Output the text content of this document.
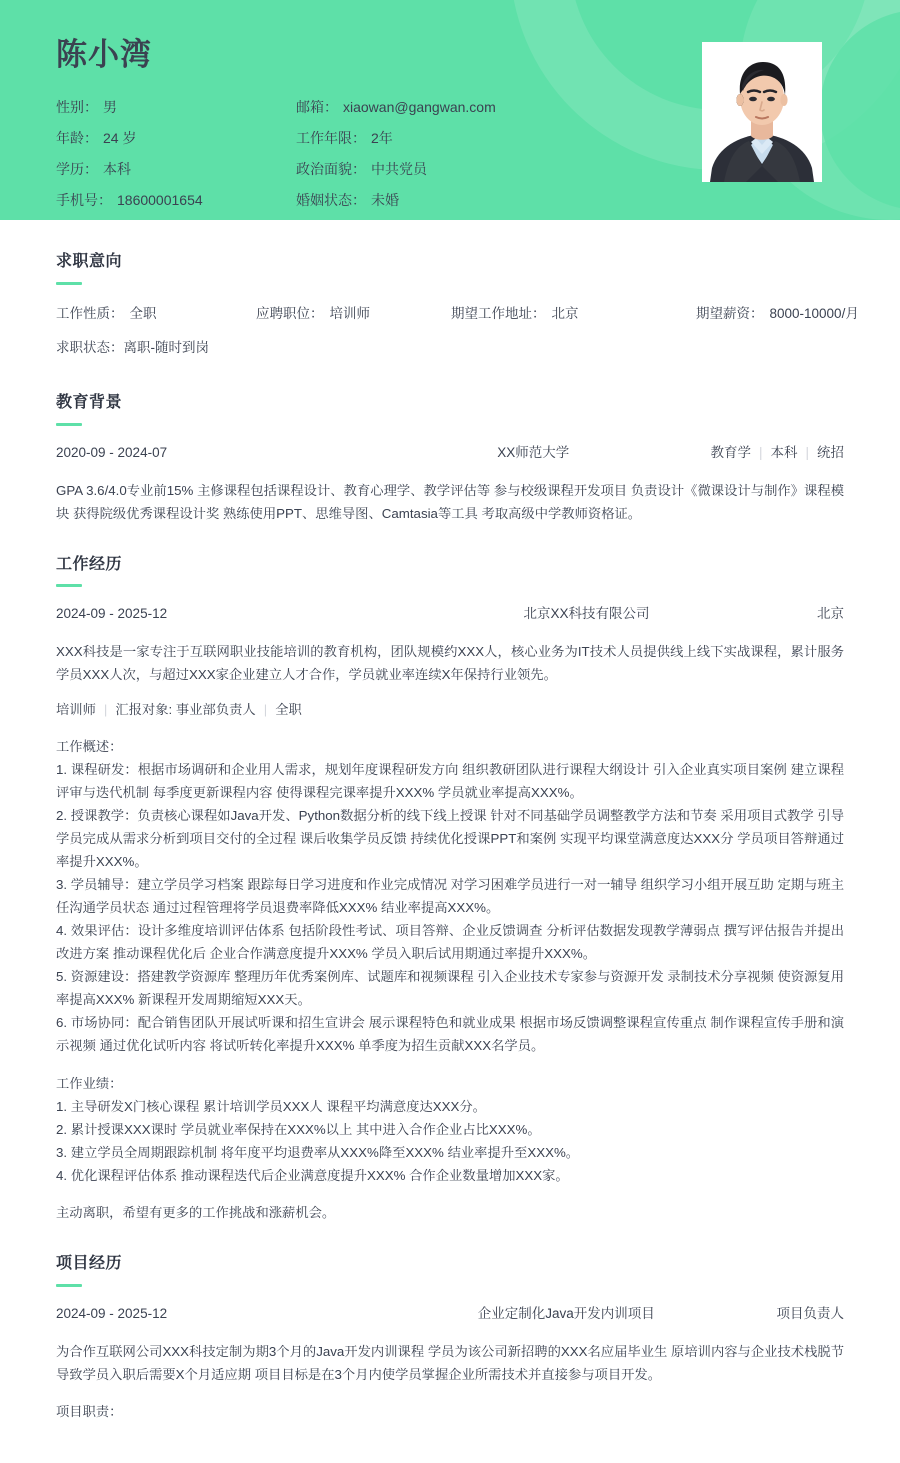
陈小湾
性别： 男	邮箱： xiaowan@gangwan.com
年龄： 24 岁	工作年限： 2年
学历： 本科	政治面貌： 中共党员
手机号： 18600001654	婚姻状态： 未婚
求职意向
工作性质： 全职	应聘职位： 培训师	期望工作地址： 北京	期望薪资： 8000-10000/月
求职状态：离职-随时到岗
教育背景
2020-09 - 2024-07	XX师范大学	教育学 | 本科 | 统招
GPA 3.6/4.0专业前15% 主修课程包括课程设计、教育心理学、教学评估等 参与校级课程开发项目 负责设计《微课设计与制作》课程模块 获得院级优秀课程设计奖 熟练使用PPT、思维导图、Camtasia等工具 考取高级中学教师资格证。
工作经历
2024-09 - 2025-12	北京XX科技有限公司	北京
XXX科技是一家专注于互联网职业技能培训的教育机构，团队规模约XXX人，核心业务为IT技术人员提供线上线下实战课程，累计服务学员XXX人次，与超过XXX家企业建立人才合作，学员就业率连续X年保持行业领先。
培训师 | 汇报对象: 事业部负责人 | 全职
工作概述：
1. 课程研发：根据市场调研和企业用人需求，规划年度课程研发方向 组织教研团队进行课程大纲设计 引入企业真实项目案例 建立课程评审与迭代机制 每季度更新课程内容 使得课程完课率提升XXX% 学员就业率提高XXX%。
2. 授课教学：负责核心课程如Java开发、Python数据分析的线下线上授课 针对不同基础学员调整教学方法和节奏 采用项目式教学 引导学员完成从需求分析到项目交付的全过程 课后收集学员反馈 持续优化授课PPT和案例 实现平均课堂满意度达XXX分 学员项目答辩通过率提升XXX%。
3. 学员辅导：建立学员学习档案 跟踪每日学习进度和作业完成情况 对学习困难学员进行一对一辅导 组织学习小组开展互助 定期与班主任沟通学员状态 通过过程管理将学员退费率降低XXX% 结业率提高XXX%。
4. 效果评估：设计多维度培训评估体系 包括阶段性考试、项目答辩、企业反馈调查 分析评估数据发现教学薄弱点 撰写评估报告并提出改进方案 推动课程优化后 企业合作满意度提升XXX% 学员入职后试用期通过率提升XXX%。
5. 资源建设：搭建教学资源库 整理历年优秀案例库、试题库和视频课程 引入企业技术专家参与资源开发 录制技术分享视频 使资源复用率提高XXX% 新课程开发周期缩短XXX天。
6. 市场协同：配合销售团队开展试听课和招生宣讲会 展示课程特色和就业成果 根据市场反馈调整课程宣传重点 制作课程宣传手册和演示视频 通过优化试听内容 将试听转化率提升XXX% 单季度为招生贡献XXX名学员。
工作业绩：
1. 主导研发X门核心课程 累计培训学员XXX人 课程平均满意度达XXX分。
2. 累计授课XXX课时 学员就业率保持在XXX%以上 其中进入合作企业占比XXX%。
3. 建立学员全周期跟踪机制 将年度平均退费率从XXX%降至XXX% 结业率提升至XXX%。
4. 优化课程评估体系 推动课程迭代后企业满意度提升XXX% 合作企业数量增加XXX家。
主动离职，希望有更多的工作挑战和涨薪机会。
项目经历
2024-09 - 2025-12	企业定制化Java开发内训项目	项目负责人
为合作互联网公司XXX科技定制为期3个月的Java开发内训课程 学员为该公司新招聘的XXX名应届毕业生 原培训内容与企业技术栈脱节 导致学员入职后需要X个月适应期 项目目标是在3个月内使学员掌握企业所需技术并直接参与项目开发。
项目职责：
